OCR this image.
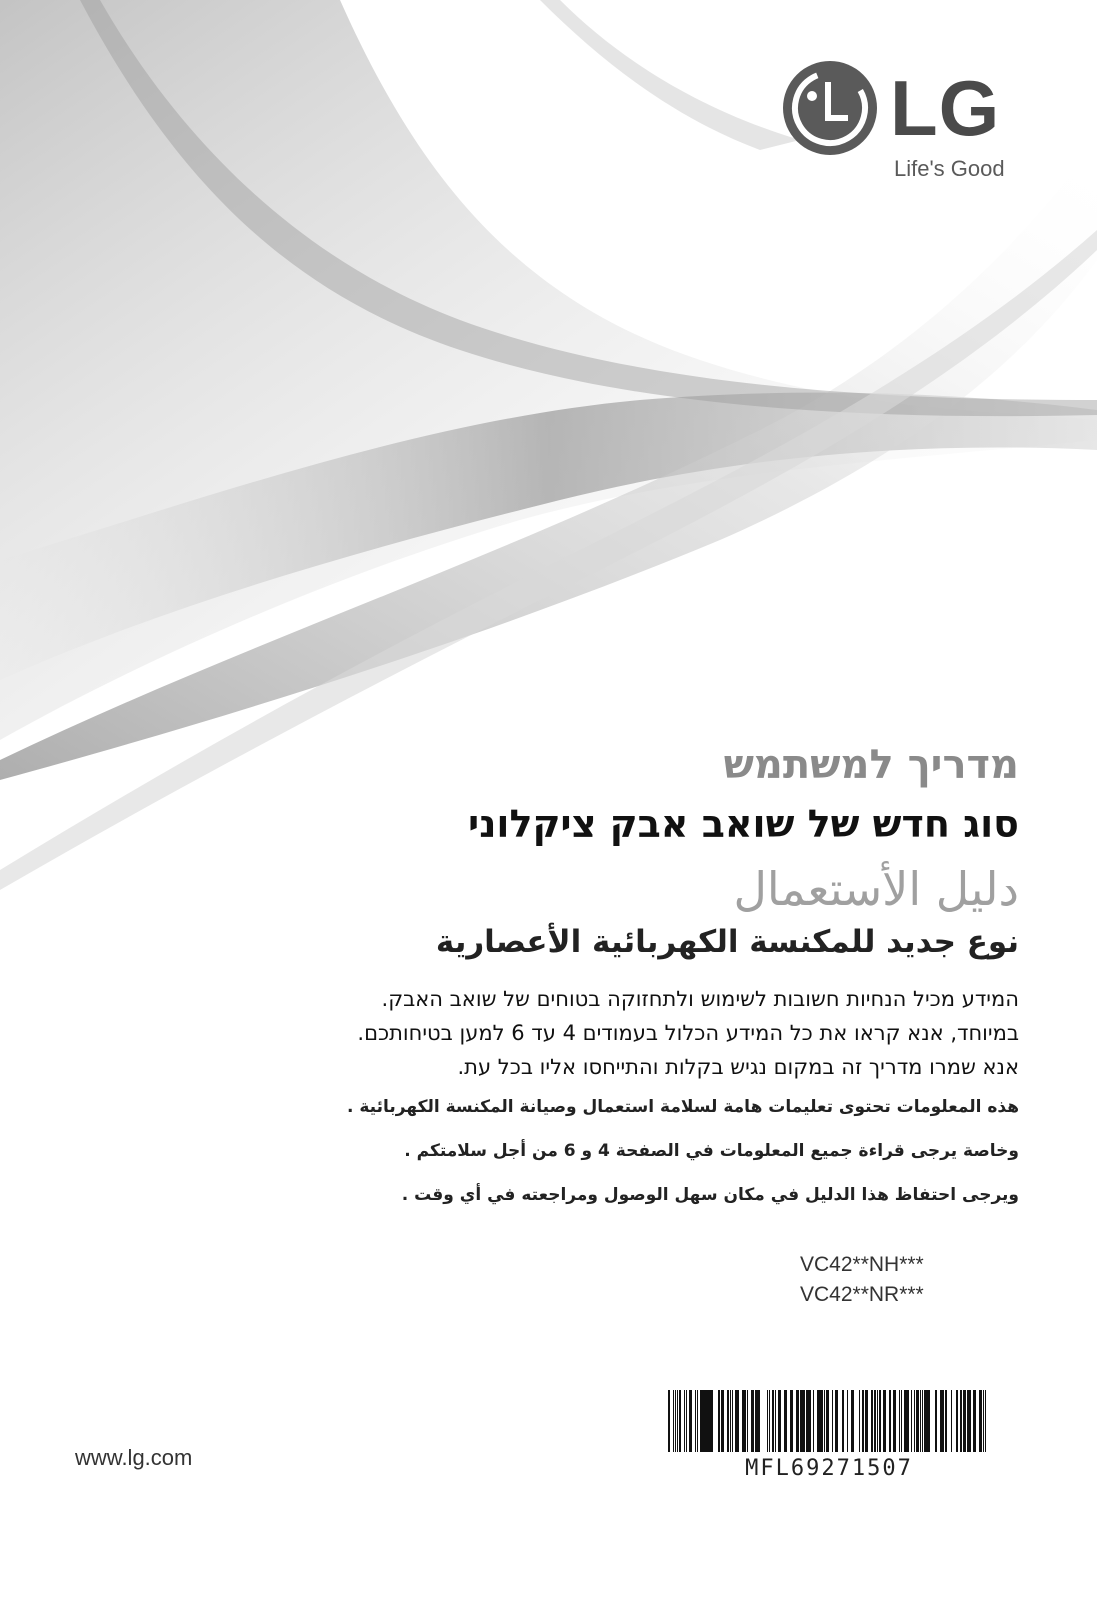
LG
Life's Good
מדריך למשתמש
סוג חדש של שואב אבק ציקלוני
دليل الأستعمال
نوع جديد للمكنسة الكهربائية الأعصارية
המידע מכיל הנחיות חשובות לשימוש ולתחזוקה בטוחים של שואב האבק.
במיוחד, אנא קראו את כל המידע הכלול בעמודים 4 עד 6 למען בטיחותכם.
אנא שמרו מדריך זה במקום נגיש בקלות והתייחסו אליו בכל עת.
هذه المعلومات تحتوى تعليمات هامة لسلامة استعمال وصيانة المكنسة الكهربائية .
وخاصة يرجى قراءة جميع المعلومات في الصفحة 4 و 6 من أجل سلامتكم .
ويرجى احتفاظ هذا الدليل في مكان سهل الوصول ومراجعته في أي وقت .
VC42**NH***
VC42**NR***
www.lg.com	MFL69271507
